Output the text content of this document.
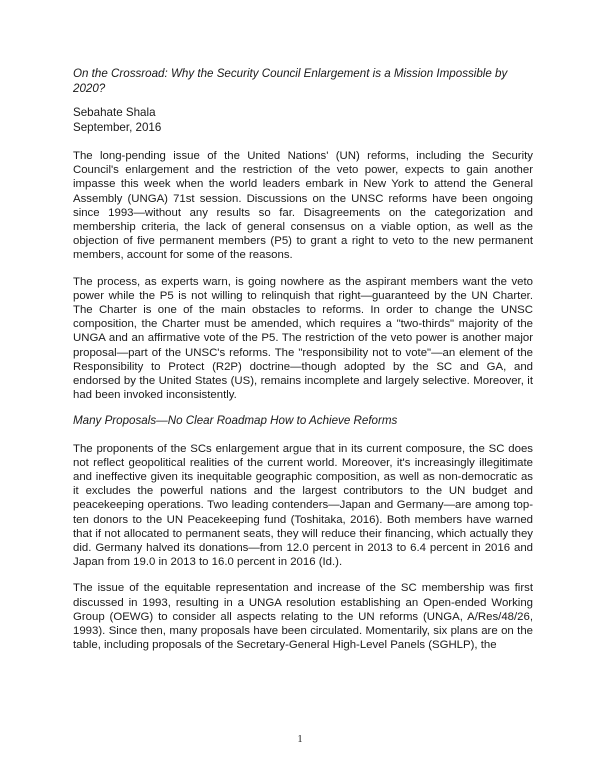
On the Crossroad: Why the Security Council Enlargement is a Mission Impossible by 2020?

Sebahate Shala

September, 2016

The long-pending issue of the United Nations' (UN) reforms, including the Security Council's enlargement and the restriction of the veto power, expects to gain another impasse this week when the world leaders embark in New York to attend the General Assembly (UNGA) 71st session. Discussions on the UNSC reforms have been ongoing since 1993—without any results so far. Disagreements on the categorization and membership criteria, the lack of general consensus on a viable option, as well as the objection of five permanent members (P5) to grant a right to veto to the new permanent members, account for some of the reasons.

The process, as experts warn, is going nowhere as the aspirant members want the veto power while the P5 is not willing to relinquish that right—guaranteed by the UN Charter. The Charter is one of the main obstacles to reforms. In order to change the UNSC composition, the Charter must be amended, which requires a "two-thirds" majority of the UNGA and an affirmative vote of the P5. The restriction of the veto power is another major proposal—part of the UNSC's reforms. The "responsibility not to vote"—an element of the Responsibility to Protect (R2P) doctrine—though adopted by the SC and GA, and endorsed by the United States (US), remains incomplete and largely selective. Moreover, it had been invoked inconsistently.

Many Proposals—No Clear Roadmap How to Achieve Reforms

The proponents of the SCs enlargement argue that in its current composure, the SC does not reflect geopolitical realities of the current world. Moreover, it's increasingly illegitimate and ineffective given its inequitable geographic composition, as well as non-democratic as it excludes the powerful nations and the largest contributors to the UN budget and peacekeeping operations. Two leading contenders—Japan and Germany—are among top-ten donors to the UN Peacekeeping fund (Toshitaka, 2016). Both members have warned that if not allocated to permanent seats, they will reduce their financing, which actually they did. Germany halved its donations—from 12.0 percent in 2013 to 6.4 percent in 2016 and Japan from 19.0 in 2013 to 16.0 percent in 2016 (Id.).

The issue of the equitable representation and increase of the SC membership was first discussed in 1993, resulting in a UNGA resolution establishing an Open-ended Working Group (OEWG) to consider all aspects relating to the UN reforms (UNGA, A/Res/48/26, 1993). Since then, many proposals have been circulated. Momentarily, six plans are on the table, including proposals of the Secretary-General High-Level Panels (SGHLP), the

1
